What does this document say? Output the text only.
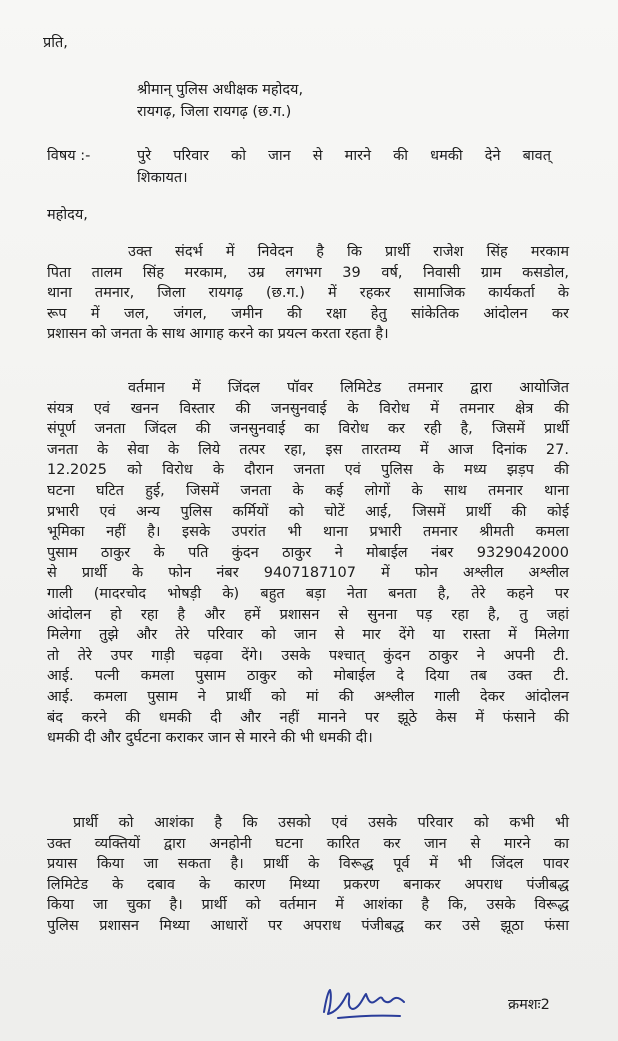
प्रति,
श्रीमान् पुलिस अधीक्षक महोदय,
रायगढ़, जिला रायगढ़ (छ.ग.)
विषय :-	पुरे परिवार को जान से मारने की धमकी देने बावत्
शिकायत।
महोदय,
उक्त संदर्भ में निवेदन है कि प्रार्थी राजेश सिंह मरकाम
पिता तालम सिंह मरकाम, उम्र लगभग 39 वर्ष, निवासी ग्राम कसडोल,
थाना तमनार, जिला रायगढ़ (छ.ग.) में रहकर सामाजिक कार्यकर्ता के
रूप में जल, जंगल, जमीन की रक्षा हेतु सांकेतिक आंदोलन कर
प्रशासन को जनता के साथ आगाह करने का प्रयत्न करता रहता है।
वर्तमान में जिंदल पॉवर लिमिटेड तमनार द्वारा आयोजित
संयत्र एवं खनन विस्तार की जनसुनवाई के विरोध में तमनार क्षेत्र की
संपूर्ण जनता जिंदल की जनसुनवाई का विरोध कर रही है, जिसमें प्रार्थी
जनता के सेवा के लिये तत्पर रहा, इस तारतम्य में आज दिनांक 27.
12.2025 को विरोध के दौरान जनता एवं पुलिस के मध्य झड़प की
घटना घटित हुई, जिसमें जनता के कई लोगों के साथ तमनार थाना
प्रभारी एवं अन्य पुलिस कर्मियों को चोटें आई, जिसमें प्रार्थी की कोई
भूमिका नहीं है। इसके उपरांत भी थाना प्रभारी तमनार श्रीमती कमला
पुसाम ठाकुर के पति कुंदन ठाकुर ने मोबाईल नंबर 9329042000
से प्रार्थी के फोन नंबर 9407187107 में फोन अश्लील अश्लील
गाली (मादरचोद भोषड़ी के) बहुत बड़ा नेता बनता है, तेरे कहने पर
आंदोलन हो रहा है और हमें प्रशासन से सुनना पड़ रहा है, तु जहां
मिलेगा तुझे और तेरे परिवार को जान से मार देंगे या रास्ता में मिलेगा
तो तेरे उपर गाड़ी चढ़वा देंगे। उसके पश्चात् कुंदन ठाकुर ने अपनी टी.
आई. पत्नी कमला पुसाम ठाकुर को मोबाईल दे दिया तब उक्त टी.
आई. कमला पुसाम ने प्रार्थी को मां की अश्लील गाली देकर आंदोलन
बंद करने की धमकी दी और नहीं मानने पर झूठे केस में फंसाने की
धमकी दी और दुर्घटना कराकर जान से मारने की भी धमकी दी।
प्रार्थी को आशंका है कि उसको एवं उसके परिवार को कभी भी
उक्त व्यक्तियों द्वारा अनहोनी घटना कारित कर जान से मारने का
प्रयास किया जा सकता है। प्रार्थी के विरूद्ध पूर्व में भी जिंदल पावर
लिमिटेड के दबाव के कारण मिथ्या प्रकरण बनाकर अपराध पंजीबद्ध
किया जा चुका है। प्रार्थी को वर्तमान में आशंका है कि, उसके विरूद्ध
पुलिस प्रशासन मिथ्या आधारों पर अपराध पंजीबद्ध कर उसे झूठा फंसा
क्रमशः2
